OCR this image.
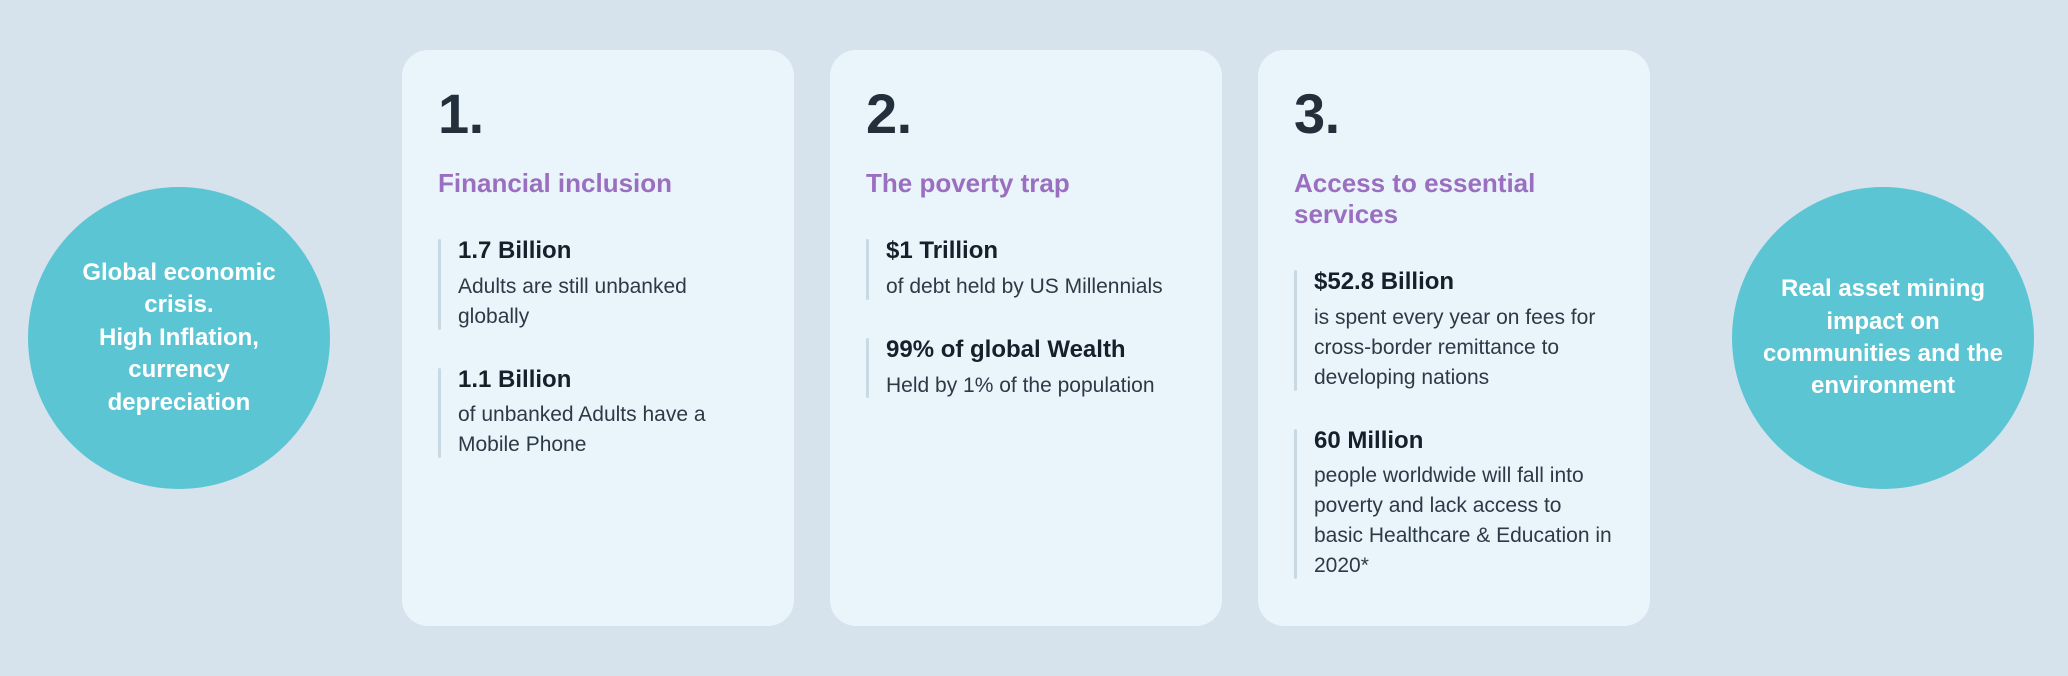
Global economic crisis.

High Inflation, currency depreciation

1.
Financial inclusion

1.7 Billion

Adults are still unbanked globally

1.1 Billion

of unbanked Adults have a Mobile Phone

2.
The poverty trap

$1 Trillion

of debt held by US Millennials

99% of global Wealth

Held by 1% of the population

3.
Access to essential services

$52.8 Billion

is spent every year on fees for cross-border remittance to developing nations

60 Million

people worldwide will fall into poverty and lack access to basic Healthcare & Education in 2020*

Real asset mining impact on communities and the environment
